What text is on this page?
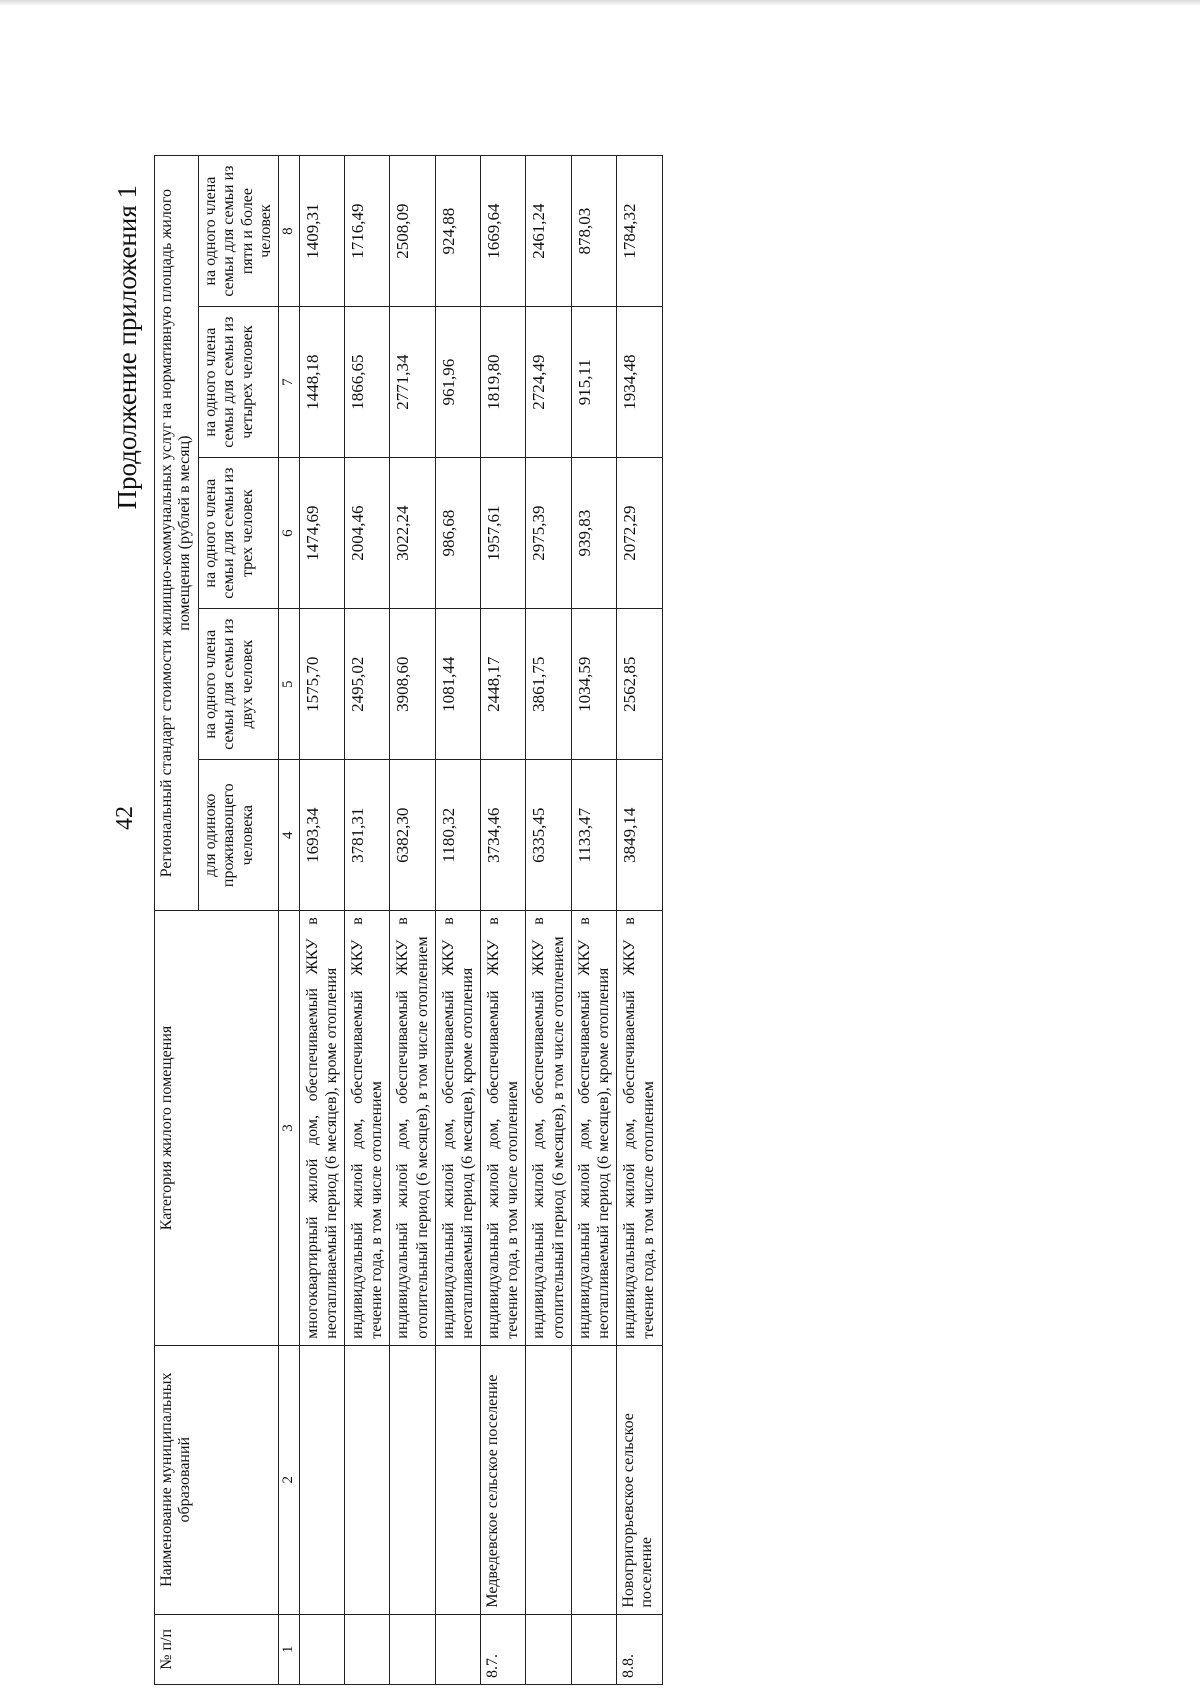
42
Продолжение приложения 1
№ п/п	Наименование муниципальных образований	Категория жилого помещения	Региональный стандарт стоимости жилищно-коммунальных услуг на нормативную площадь жилого помещения (рублей в месяц)				
			для одиноко проживающего человека	на одного члена семьи для семьи из двух человек	на одного члена семьи для семьи из трех человек	на одного члена семьи для семьи из четырех человек	на одного члена семьи для семьи из пяти и более человек
1	2	3	4	5	6	7	8
		многоквартирный жилой дом, обеспечиваемый ЖКУ в неотапливаемый период (6 месяцев), кроме отопления	1693,34	1575,70	1474,69	1448,18	1409,31
		индивидуальный жилой дом, обеспечиваемый ЖКУ в течение года, в том числе отоплением	3781,31	2495,02	2004,46	1866,65	1716,49
		индивидуальный жилой дом, обеспечиваемый ЖКУ в отопительный период (6 месяцев), в том числе отоплением	6382,30	3908,60	3022,24	2771,34	2508,09
		индивидуальный жилой дом, обеспечиваемый ЖКУ в неотапливаемый период (6 месяцев), кроме отопления	1180,32	1081,44	986,68	961,96	924,88
8.7.	Медведевское сельское поселение	индивидуальный жилой дом, обеспечиваемый ЖКУ в течение года, в том числе отоплением	3734,46	2448,17	1957,61	1819,80	1669,64
		индивидуальный жилой дом, обеспечиваемый ЖКУ в отопительный период (6 месяцев), в том числе отоплением	6335,45	3861,75	2975,39	2724,49	2461,24
		индивидуальный жилой дом, обеспечиваемый ЖКУ в неотапливаемый период (6 месяцев), кроме отопления	1133,47	1034,59	939,83	915,11	878,03
8.8.	Новогригорьевское сельское поселение	индивидуальный жилой дом, обеспечиваемый ЖКУ в течение года, в том числе отоплением	3849,14	2562,85	2072,29	1934,48	1784,32
